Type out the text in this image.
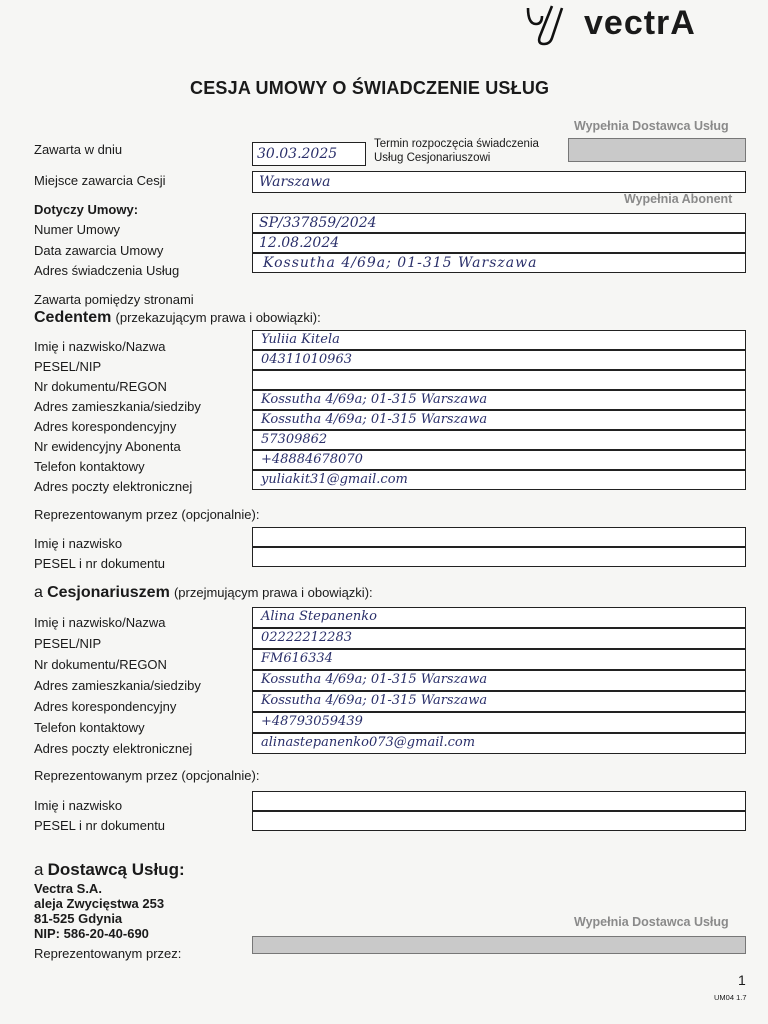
vectrA
CESJA UMOWY O ŚWIADCZENIE USŁUG
Wypełnia Dostawca Usług
Zawarta w dniu	30.03.2025
Termin rozpoczęcia świadczenia
Usług Cesjonariuszowi
Miejsce zawarcia Cesji	Warszawa
Wypełnia Abonent
Dotyczy Umowy:
Numer Umowy	SP/337859/2024
Data zawarcia Umowy	12.08.2024
Adres świadczenia Usług	Kossutha 4/69a; 01-315 Warszawa
Zawarta pomiędzy stronami
Cedentem (przekazującym prawa i obowiązki):
Imię i nazwisko/Nazwa	Yuliia Kitela
PESEL/NIP	04311010963
Nr dokumentu/REGON
Adres zamieszkania/siedziby	Kossutha 4/69a; 01-315 Warszawa
Adres korespondencyjny	Kossutha 4/69a; 01-315 Warszawa
Nr ewidencyjny Abonenta	57309862
Telefon kontaktowy	+48884678070
Adres poczty elektronicznej	yuliakit31@gmail.com
Reprezentowanym przez (opcjonalnie):
Imię i nazwisko
PESEL i nr dokumentu
a Cesjonariuszem (przejmującym prawa i obowiązki):
Imię i nazwisko/Nazwa	Alina Stepanenko
PESEL/NIP	02222212283
Nr dokumentu/REGON	FM616334
Adres zamieszkania/siedziby	Kossutha 4/69a; 01-315 Warszawa
Adres korespondencyjny	Kossutha 4/69a; 01-315 Warszawa
Telefon kontaktowy	+48793059439
Adres poczty elektronicznej	alinastepanenko073@gmail.com
Reprezentowanym przez (opcjonalnie):
Imię i nazwisko
PESEL i nr dokumentu
a Dostawcą Usług:
Vectra S.A.
aleja Zwycięstwa 253
81-525 Gdynia
NIP: 586-20-40-690
Wypełnia Dostawca Usług
Reprezentowanym przez:
1
UM04 1.7
